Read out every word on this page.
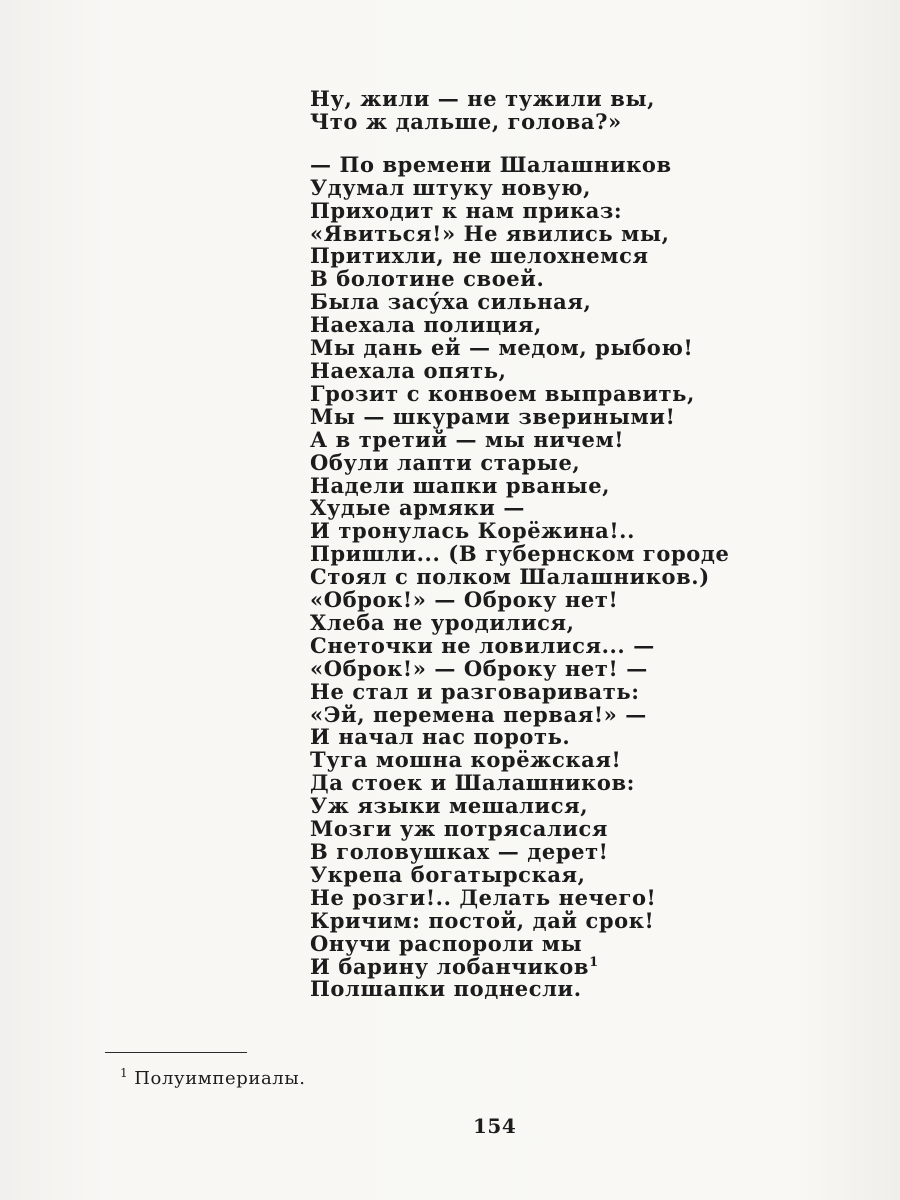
Ну, жили — не тужили вы,
Что ж дальше, голова?»
— По времени Шалашников
Удумал штуку новую,
Приходит к нам приказ:
«Явиться!» Не явились мы,
Притихли, не шелохнемся
В болотине своей.
Была засýха сильная,
Наехала полиция,
Мы дань ей — медом, рыбою!
Наехала опять,
Грозит с конвоем выправить,
Мы — шкурами звериными!
А в третий — мы ничем!
Обули лапти старые,
Надели шапки рваные,
Худые армяки —
И тронулась Корёжина!..
Пришли... (В губернском городе
Стоял с полком Шалашников.)
«Оброк!» — Оброку нет!
Хлеба не уродилися,
Снеточки не ловилися... —
«Оброк!» — Оброку нет! —
Не стал и разговаривать:
«Эй, перемена первая!» —
И начал нас пороть.
Туга мошна корёжская!
Да стоек и Шалашников:
Уж языки мешалися,
Мозги уж потрясалися
В головушках — дерет!
Укрепа богатырская,
Не розги!.. Делать нечего!
Кричим: постой, дай срок!
Онучи распороли мы
И барину лобанчиков$^1$
Полшапки поднесли.
$^1$ Полуимпериалы.
154
